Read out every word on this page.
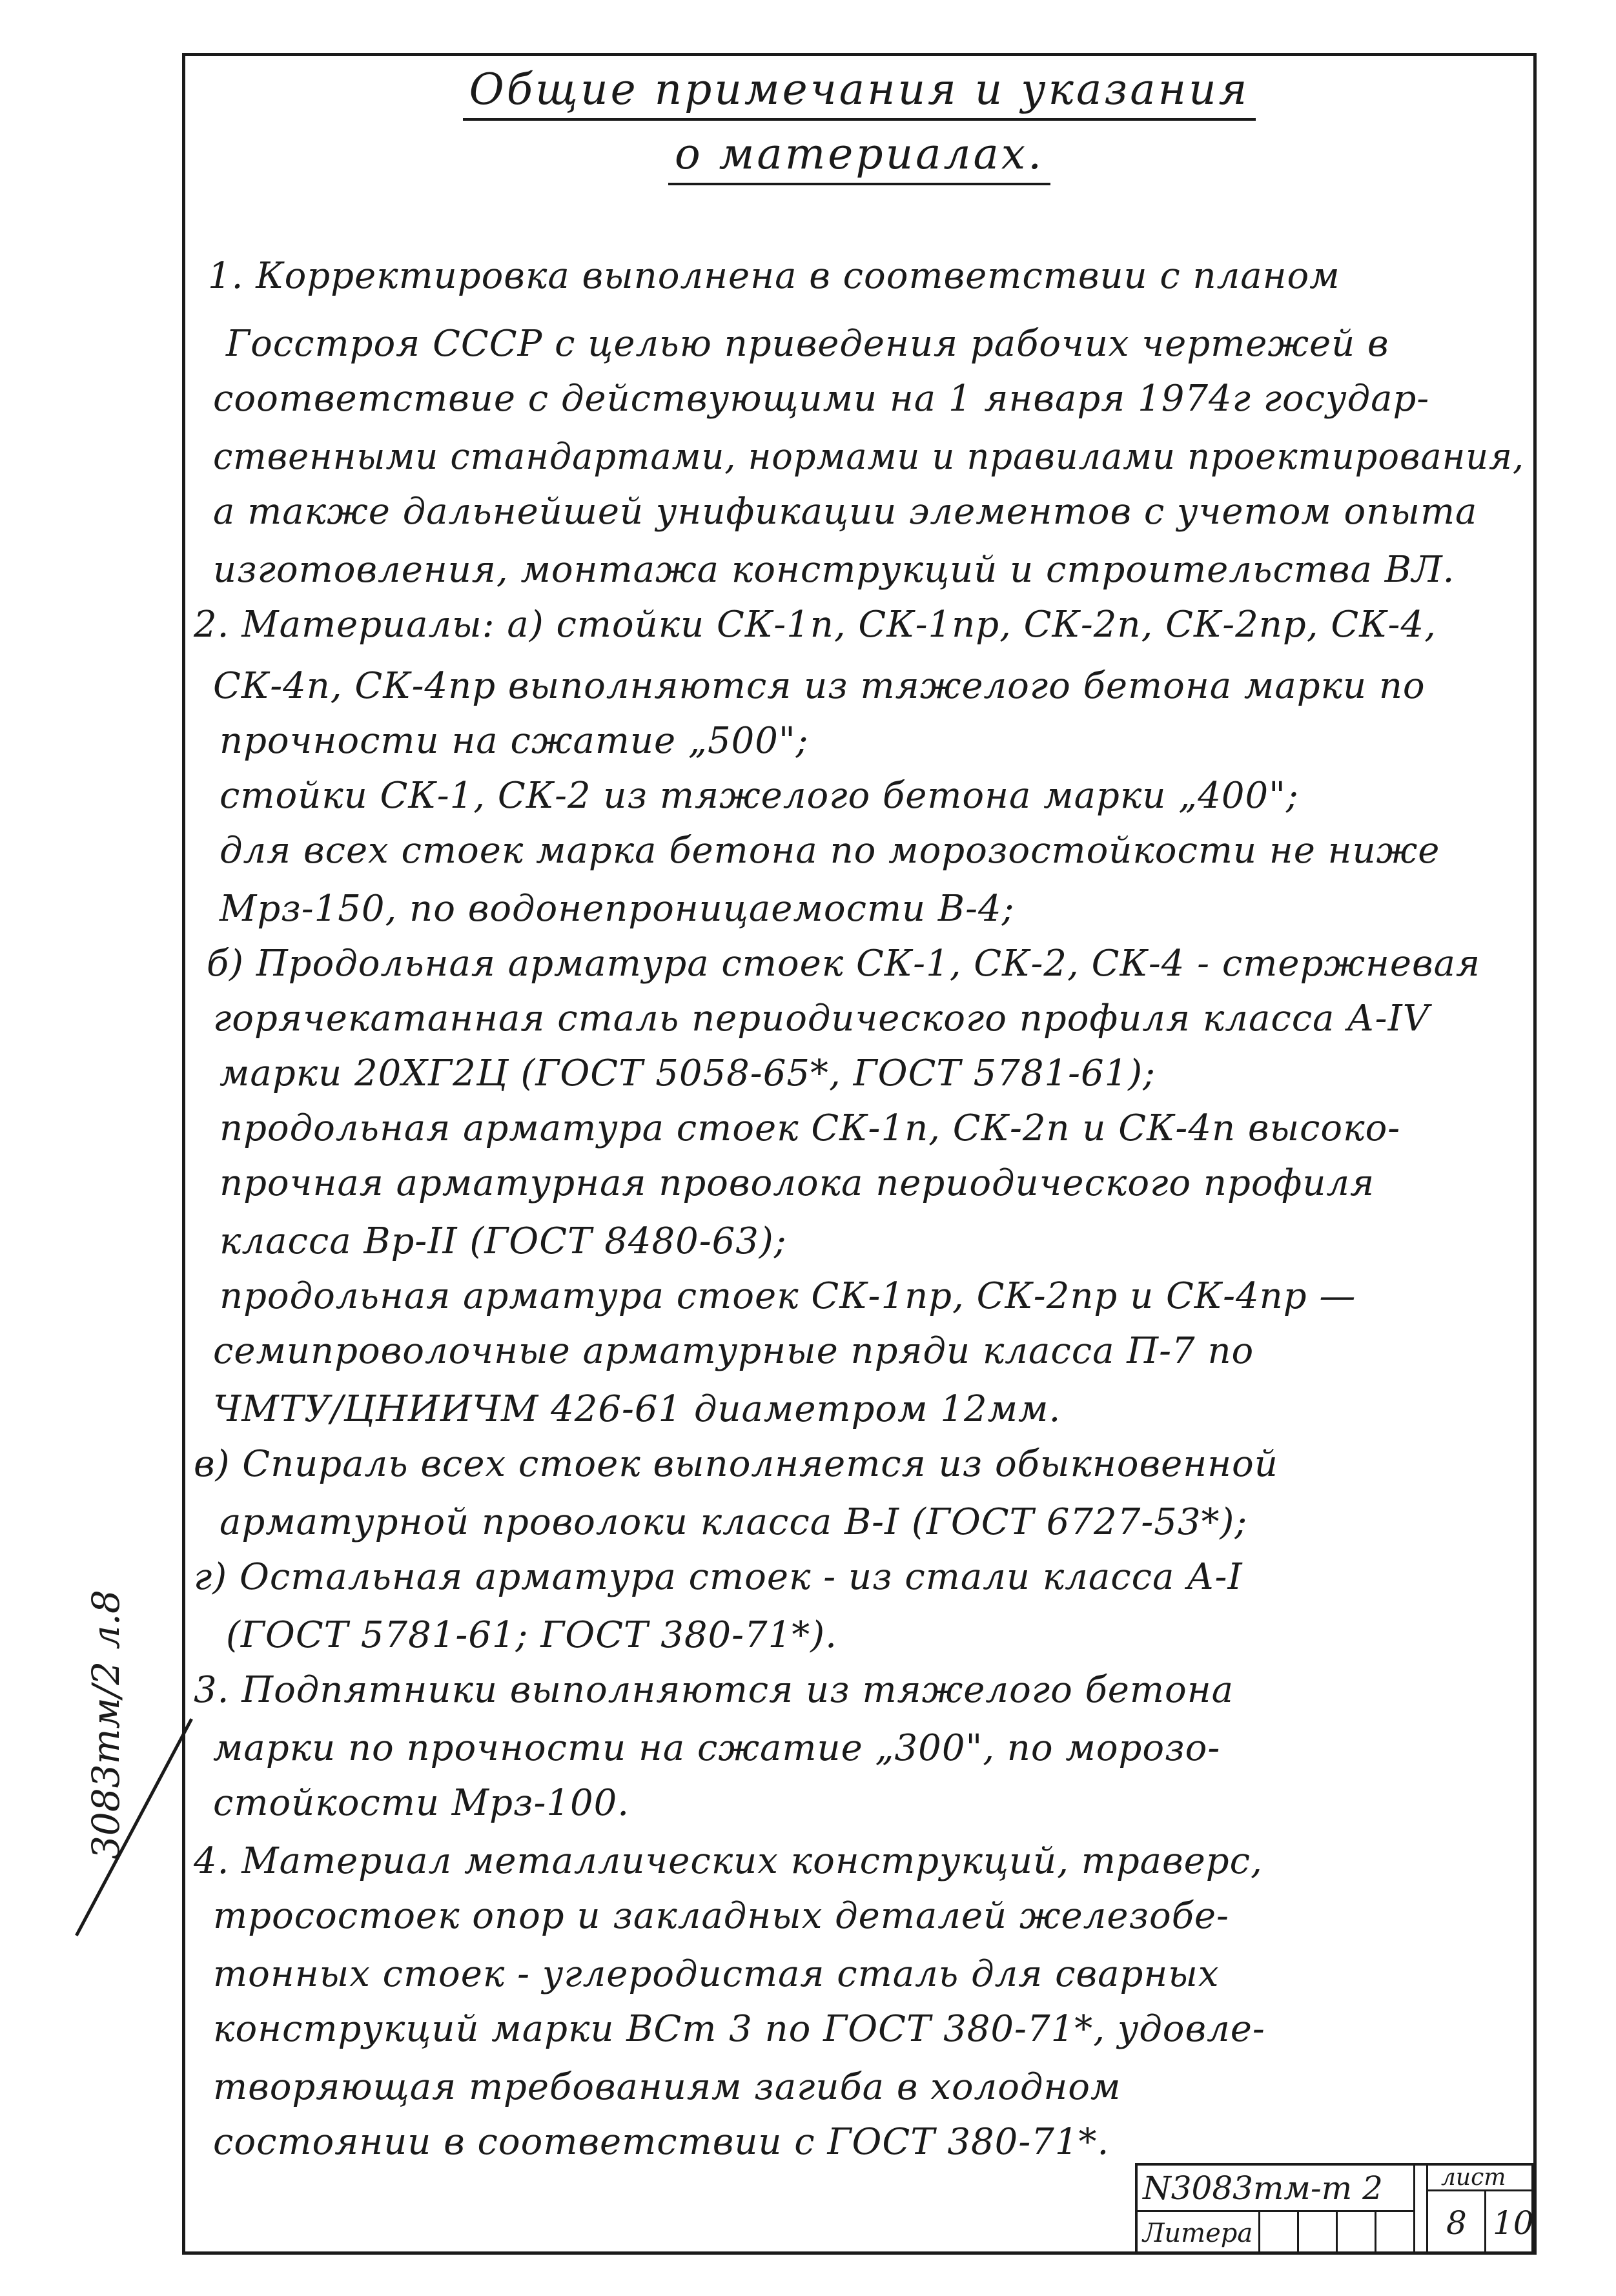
Общие примечания и указания
о материалах.
1. Корректировка выполнена в соответствии с планом
Госстроя СССР с целью приведения рабочих чертежей в
соответствие с действующими на 1 января 1974г государ-
ственными стандартами, нормами и правилами проектирования,
а также дальнейшей унификации элементов с учетом опыта
изготовления, монтажа конструкций и строительства ВЛ.
2. Материалы: а) стойки СК-1п, СК-1пр, СК-2п, СК-2пр, СК-4,
СК-4п, СК-4пр выполняются из тяжелого бетона марки по
прочности на сжатие „500";
стойки СК-1, СК-2 из тяжелого бетона марки „400";
для всех стоек марка бетона по морозостойкости не ниже
Мрз-150, по водонепроницаемости В-4;
б) Продольная арматура стоек СК-1, СК-2, СК-4 - стержневая
горячекатанная сталь периодического профиля класса А-IV
марки 20ХГ2Ц (ГОСТ 5058-65*, ГОСТ 5781-61);
продольная арматура стоек СК-1п, СК-2п и СК-4п высоко-
прочная арматурная проволока периодического профиля
класса Вр-II (ГОСТ 8480-63);
продольная арматура стоек СК-1пр, СК-2пр и СК-4пр —
семипроволочные арматурные пряди класса П-7 по
ЧМТУ/ЦНИИЧМ 426-61 диаметром 12мм.
в) Спираль всех стоек выполняется из обыкновенной
арматурной проволоки класса В-I (ГОСТ 6727-53*);
г) Остальная арматура стоек - из стали класса А-I
(ГОСТ 5781-61; ГОСТ 380-71*).
3. Подпятники выполняются из тяжелого бетона
марки по прочности на сжатие „300", по морозо-
стойкости Мрз-100.
4. Материал металлических конструкций, траверс,
тросостоек опор и закладных деталей железобе-
тонных стоек - углеродистая сталь для сварных
конструкций марки ВСт 3 по ГОСТ 380-71*, удовле-
творяющая требованиям загиба в холодном
состоянии в соответствии с ГОСТ 380-71*.
3083тм/2 л.8
N3083тм-т 2	лист
8 10
Литера
